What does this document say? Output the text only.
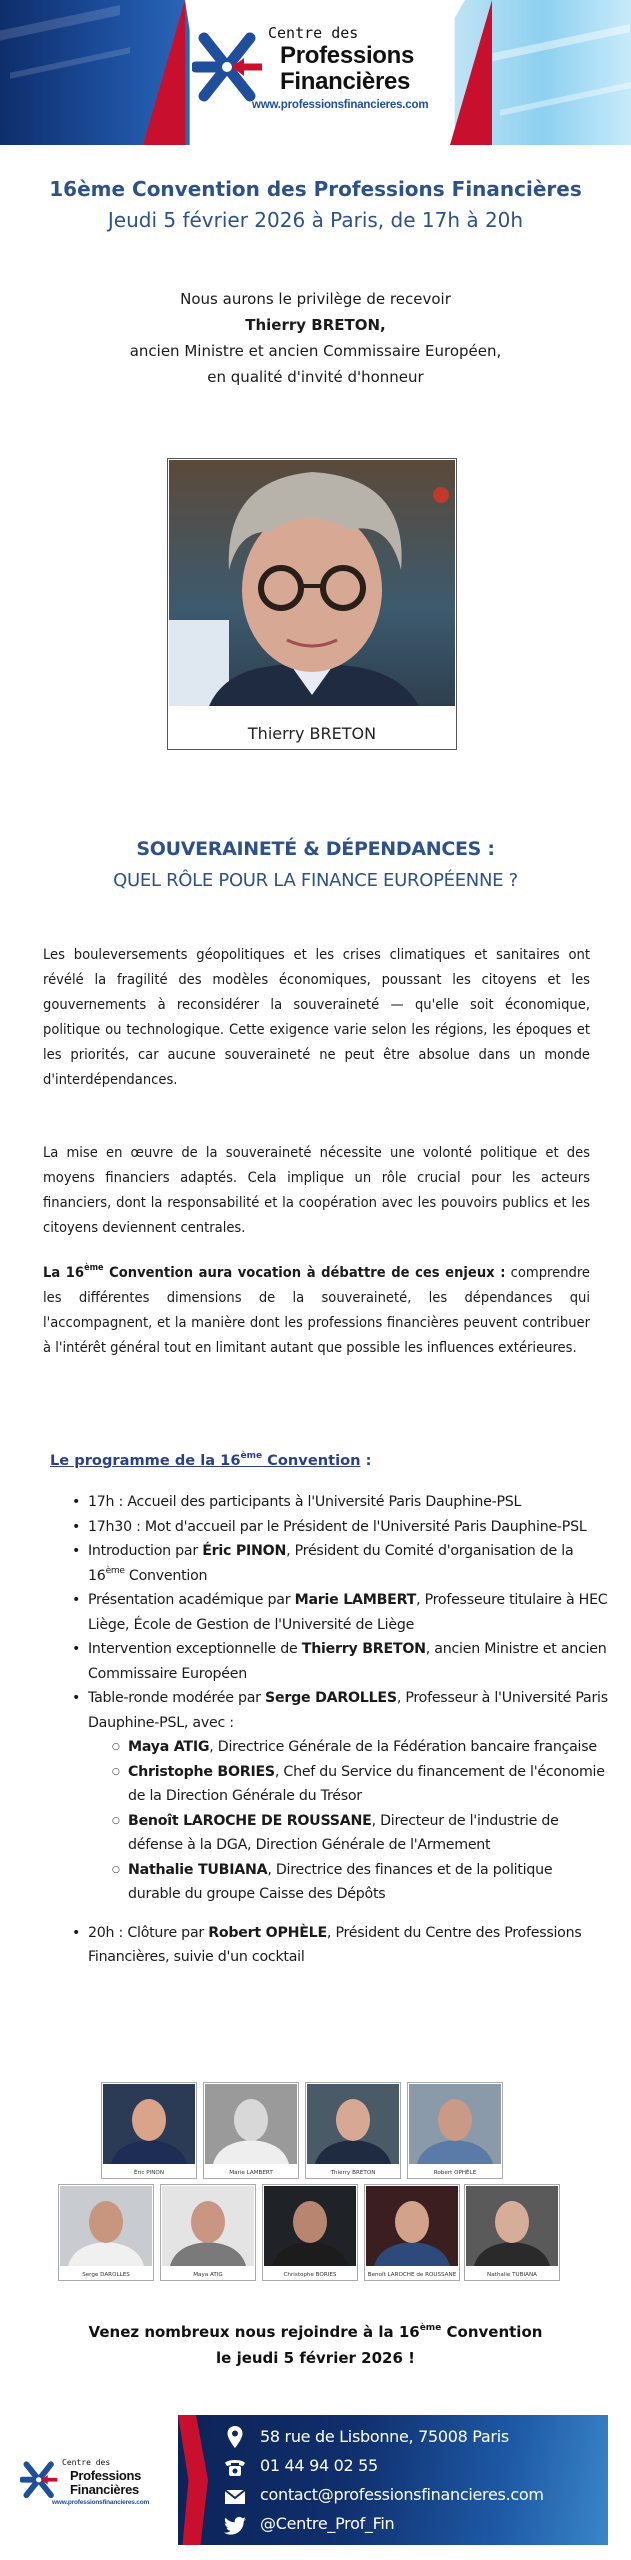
Centre des
Professions
Financières
www.professionsfinancieres.com
16ème Convention des Professions Financières
Jeudi 5 février 2026 à Paris, de 17h à 20h
Nous aurons le privilège de recevoir
Thierry BRETON,
ancien Ministre et ancien Commissaire Européen,
en qualité d'invité d'honneur
Thierry BRETON
SOUVERAINETÉ & DÉPENDANCES :
QUEL RÔLE POUR LA FINANCE EUROPÉENNE ?
Les bouleversements géopolitiques et les crises climatiques et sanitaires ont révélé la fragilité des modèles économiques, poussant les citoyens et les gouvernements à reconsidérer la souveraineté — qu'elle soit économique, politique ou technologique. Cette exigence varie selon les régions, les époques et les priorités, car aucune souveraineté ne peut être absolue dans un monde d'interdépendances.
La mise en œuvre de la souveraineté nécessite une volonté politique et des moyens financiers adaptés. Cela implique un rôle crucial pour les acteurs financiers, dont la responsabilité et la coopération avec les pouvoirs publics et les citoyens deviennent centrales.
La 16ème Convention aura vocation à débattre de ces enjeux : comprendre les différentes dimensions de la souveraineté, les dépendances qui l'accompagnent, et la manière dont les professions financières peuvent contribuer à l'intérêt général tout en limitant autant que possible les influences extérieures.
Le programme de la 16ème Convention :
• 17h : Accueil des participants à l'Université Paris Dauphine-PSL
• 17h30 : Mot d'accueil par le Président de l'Université Paris Dauphine-PSL
• Introduction par Éric PINON, Président du Comité d'organisation de la 16ème Convention
• Présentation académique par Marie LAMBERT, Professeure titulaire à HEC Liège, École de Gestion de l'Université de Liège
• Intervention exceptionnelle de Thierry BRETON, ancien Ministre et ancien Commissaire Européen
• Table-ronde modérée par Serge DAROLLES, Professeur à l'Université Paris Dauphine-PSL, avec :
○ Maya ATIG, Directrice Générale de la Fédération bancaire française
○ Christophe BORIES, Chef du Service du financement de l'économie de la Direction Générale du Trésor
○ Benoît LAROCHE DE ROUSSANE, Directeur de l'industrie de défense à la DGA, Direction Générale de l'Armement
○ Nathalie TUBIANA, Directrice des finances et de la politique durable du groupe Caisse des Dépôts
• 20h : Clôture par Robert OPHÈLE, Président du Centre des Professions Financières, suivie d'un cocktail
Éric PINON	Marie LAMBERT	Thierry BRETON	Robert OPHÈLE
Serge DAROLLES	Maya ATIG	Christophe BORIES	Benoît LAROCHE de ROUSSANE	Nathalie TUBIANA
Venez nombreux nous rejoindre à la 16ème Convention
le jeudi 5 février 2026 !
Centre des
Professions
Financières
www.professionsfinancieres.com
58 rue de Lisbonne, 75008 Paris
01 44 94 02 55
contact@professionsfinancieres.com
@Centre_Prof_Fin
